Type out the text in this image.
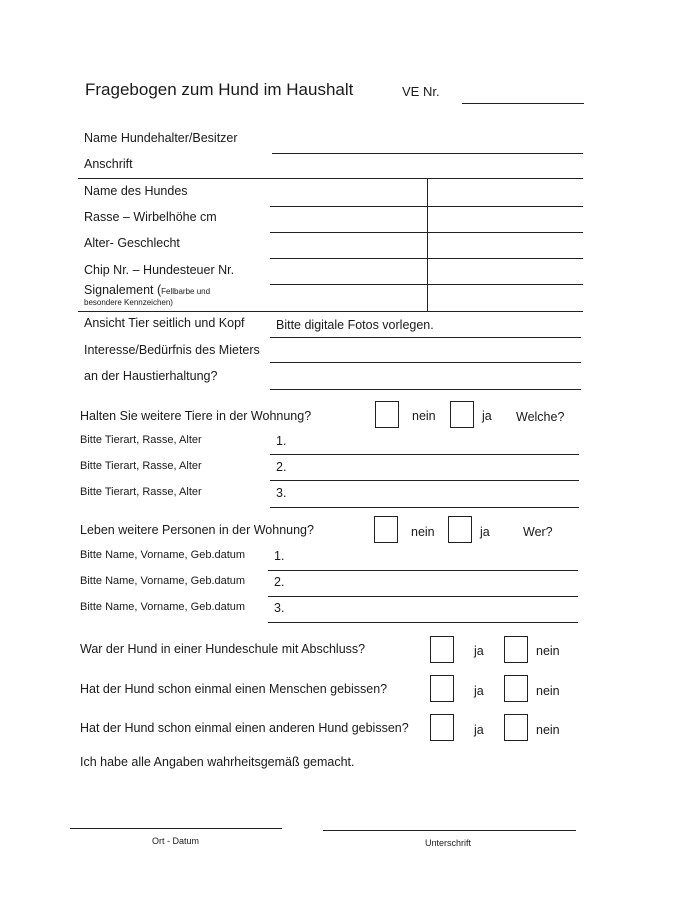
Fragebogen zum Hund im Haushalt	VE Nr.
Name Hundehalter/Besitzer
Anschrift
Name des Hundes
Rasse – Wirbelhöhe cm
Alter- Geschlecht
Chip Nr. – Hundesteuer Nr.
Signalement (Fellbarbe und
besondere Kennzeichen)
Ansicht Tier seitlich und Kopf	Bitte digitale Fotos vorlegen.
Interesse/Bedürfnis des Mieters
an der Haustierhaltung?
Halten Sie weitere Tiere in der Wohnung?	nein	ja Welche?
Bitte Tierart, Rasse, Alter	1.
Bitte Tierart, Rasse, Alter	2.
Bitte Tierart, Rasse, Alter	3.
Leben weitere Personen in der Wohnung?	nein	ja	Wer?
Bitte Name, Vorname, Geb.datum 1.
Bitte Name, Vorname, Geb.datum 2.
Bitte Name, Vorname, Geb.datum 3.
War der Hund in einer Hundeschule mit Abschluss?	ja	nein
Hat der Hund schon einmal einen Menschen gebissen?	ja	nein
Hat der Hund schon einmal einen anderen Hund gebissen?	ja	nein
Ich habe alle Angaben wahrheitsgemäß gemacht.
Ort - Datum	Unterschrift
